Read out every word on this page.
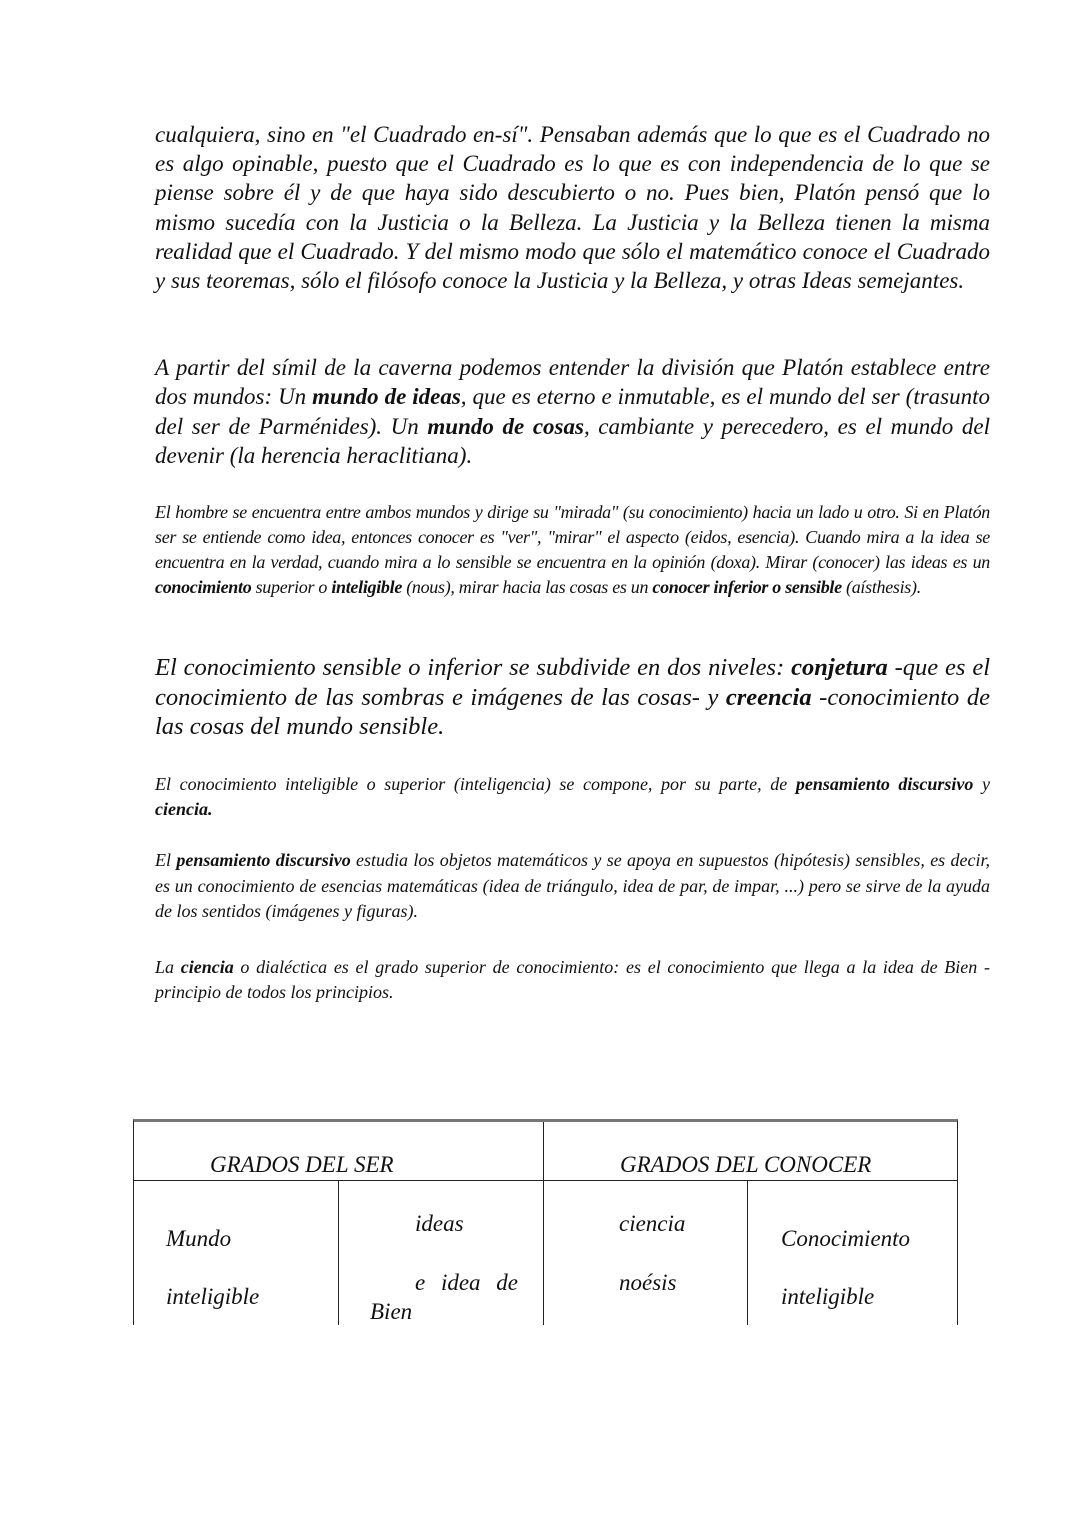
cualquiera, sino en "el Cuadrado en-sí". Pensaban además que lo que es el Cuadrado no es algo opinable, puesto que el Cuadrado es lo que es con independencia de lo que se piense sobre él y de que haya sido descubierto o no. Pues bien, Platón pensó que lo mismo sucedía con la Justicia o la Belleza. La Justicia y la Belleza tienen la misma realidad que el Cuadrado. Y del mismo modo que sólo el matemático conoce el Cuadrado y sus teoremas, sólo el filósofo conoce la Justicia y la Belleza, y otras Ideas semejantes.

A partir del símil de la caverna podemos entender la división que Platón establece entre dos mundos: Un mundo de ideas, que es eterno e inmutable, es el mundo del ser (trasunto del ser de Parménides). Un mundo de cosas, cambiante y perecedero, es el mundo del devenir (la herencia heraclitiana).

El hombre se encuentra entre ambos mundos y dirige su "mirada" (su conocimiento) hacia un lado u otro. Si en Platón ser se entiende como idea, entonces conocer es "ver", "mirar" el aspecto (eidos, esencia). Cuando mira a la idea se encuentra en la verdad, cuando mira a lo sensible se encuentra en la opinión (doxa). Mirar (conocer) las ideas es un conocimiento superior o inteligible (nous), mirar hacia las cosas es un conocer inferior o sensible (aísthesis).

El conocimiento sensible o inferior se subdivide en dos niveles: conjetura -que es el conocimiento de las sombras e imágenes de las cosas- y creencia -conocimiento de las cosas del mundo sensible.

El conocimiento inteligible o superior (inteligencia) se compone, por su parte, de pensamiento discursivo y ciencia.

El pensamiento discursivo estudia los objetos matemáticos y se apoya en supuestos (hipótesis) sensibles, es decir, es un conocimiento de esencias matemáticas (idea de triángulo, idea de par, de impar, ...) pero se sirve de la ayuda de los sentidos (imágenes y figuras).

La ciencia o dialéctica es el grado superior de conocimiento: es el conocimiento que llega a la idea de Bien -principio de todos los principios.

GRADOS DEL SER	GRADOS DEL CONOCER
Mundo
inteligible
ideas
e idea de
Bien
ciencia
noésis
Conocimiento
inteligible
